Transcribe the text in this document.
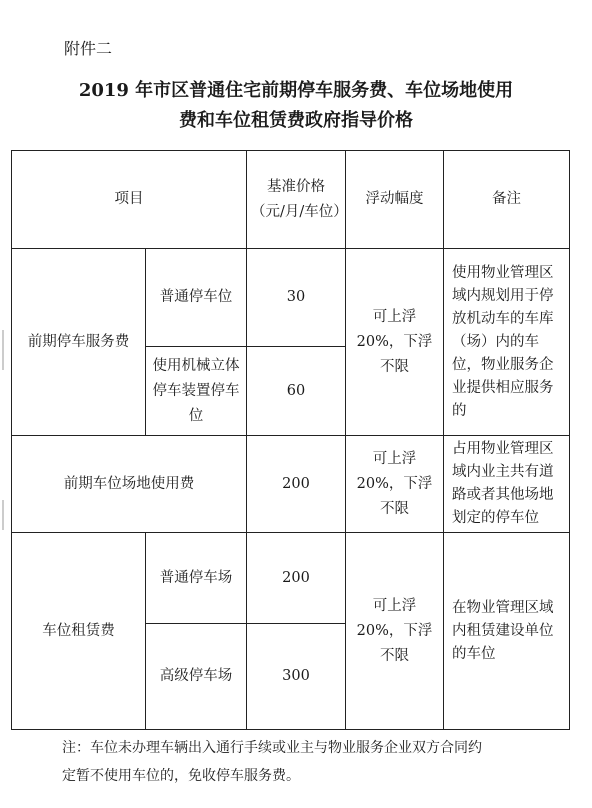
附件二
2019 年市区普通住宅前期停车服务费、车位场地使用
费和车位租赁费政府指导价格
项目		基准价格（元/月/车位）	浮动幅度	备注
前期停车服务费	普通停车位	30	可上浮 20%，下浮不限	使用物业管理区域内规划用于停放机动车的车库（场）内的车位，物业服务企业提供相应服务的
	使用机械立体停车装置停车位	60		
前期车位场地使用费		200	可上浮 20%，下浮不限	占用物业管理区域内业主共有道路或者其他场地划定的停车位
车位租赁费	普通停车场	200	可上浮 20%，下浮不限	在物业管理区域内租赁建设单位的车位
	高级停车场	300		
注：车位未办理车辆出入通行手续或业主与物业服务企业双方合同约
定暂不使用车位的，免收停车服务费。
